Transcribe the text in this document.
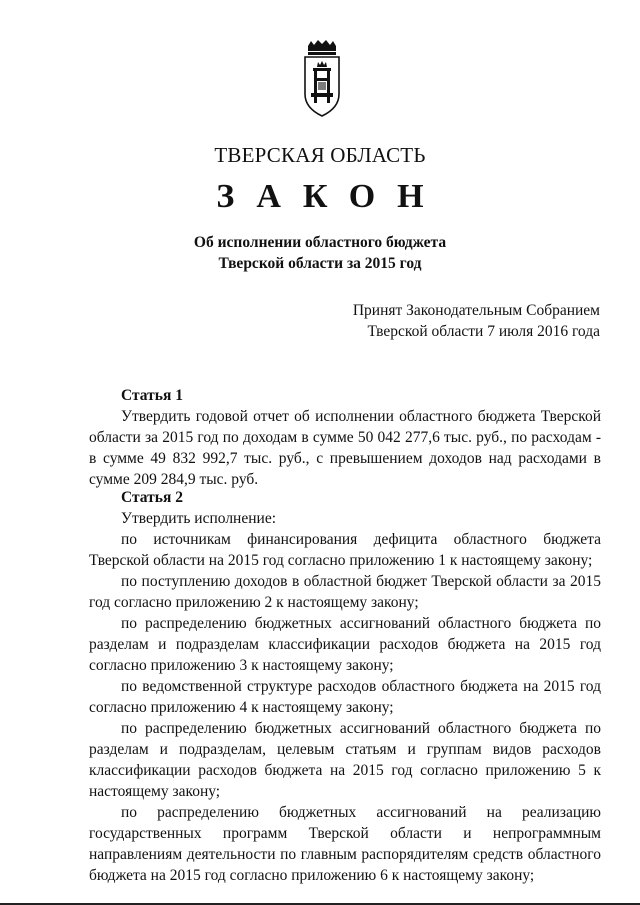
ТВЕРСКАЯ ОБЛАСТЬ
ЗАКОН
Об исполнении областного бюджета
Тверской области за 2015 год
Принят Законодательным Собранием
Тверской области 7 июля 2016 года
Статья 1

Утвердить годовой отчет об исполнении областного бюджета Тверской области за 2015 год по доходам в сумме 50 042 277,6 тыс. руб., по расходам - в сумме 49 832 992,7 тыс. руб., с превышением доходов над расходами в сумме 209 284,9 тыс. руб.

Статья 2

Утвердить исполнение:

по источникам финансирования дефицита областного бюджета Тверской области на 2015 год согласно приложению 1 к настоящему закону;

по поступлению доходов в областной бюджет Тверской области за 2015 год согласно приложению 2 к настоящему закону;

по распределению бюджетных ассигнований областного бюджета по разделам и подразделам классификации расходов бюджета на 2015 год согласно приложению 3 к настоящему закону;

по ведомственной структуре расходов областного бюджета на 2015 год согласно приложению 4 к настоящему закону;

по распределению бюджетных ассигнований областного бюджета по разделам и подразделам, целевым статьям и группам видов расходов классификации расходов бюджета на 2015 год согласно приложению 5 к настоящему закону;

по распределению бюджетных ассигнований на реализацию государственных программ Тверской области и непрограммным направлениям деятельности по главным распорядителям средств областного бюджета на 2015 год согласно приложению 6 к настоящему закону;
